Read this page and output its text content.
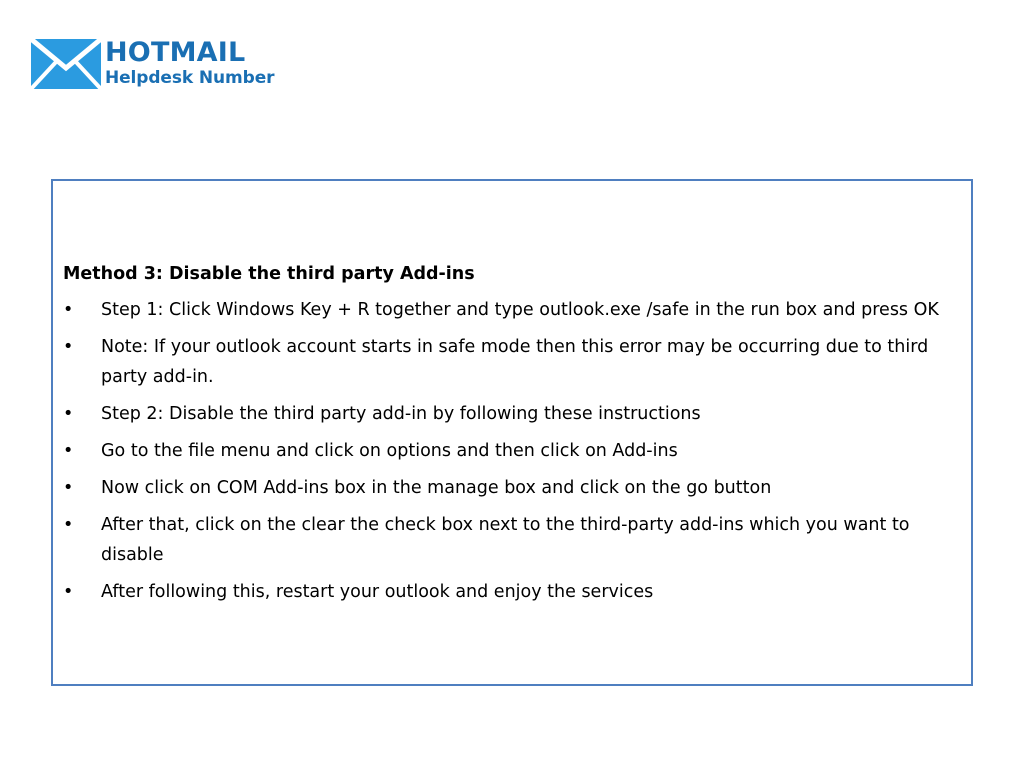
HOTMAIL
Helpdesk Number
Method 3: Disable the third party Add-ins
•	Step 1: Click Windows Key + R together and type outlook.exe /safe in the run box and press OK
•	Note: If your outlook account starts in safe mode then this error may be occurring due to third party add-in.
•	Step 2: Disable the third party add-in by following these instructions
•	Go to the file menu and click on options and then click on Add-ins
•	Now click on COM Add-ins box in the manage box and click on the go button
•	After that, click on the clear the check box next to the third-party add-ins which you want to disable
•	After following this, restart your outlook and enjoy the services
